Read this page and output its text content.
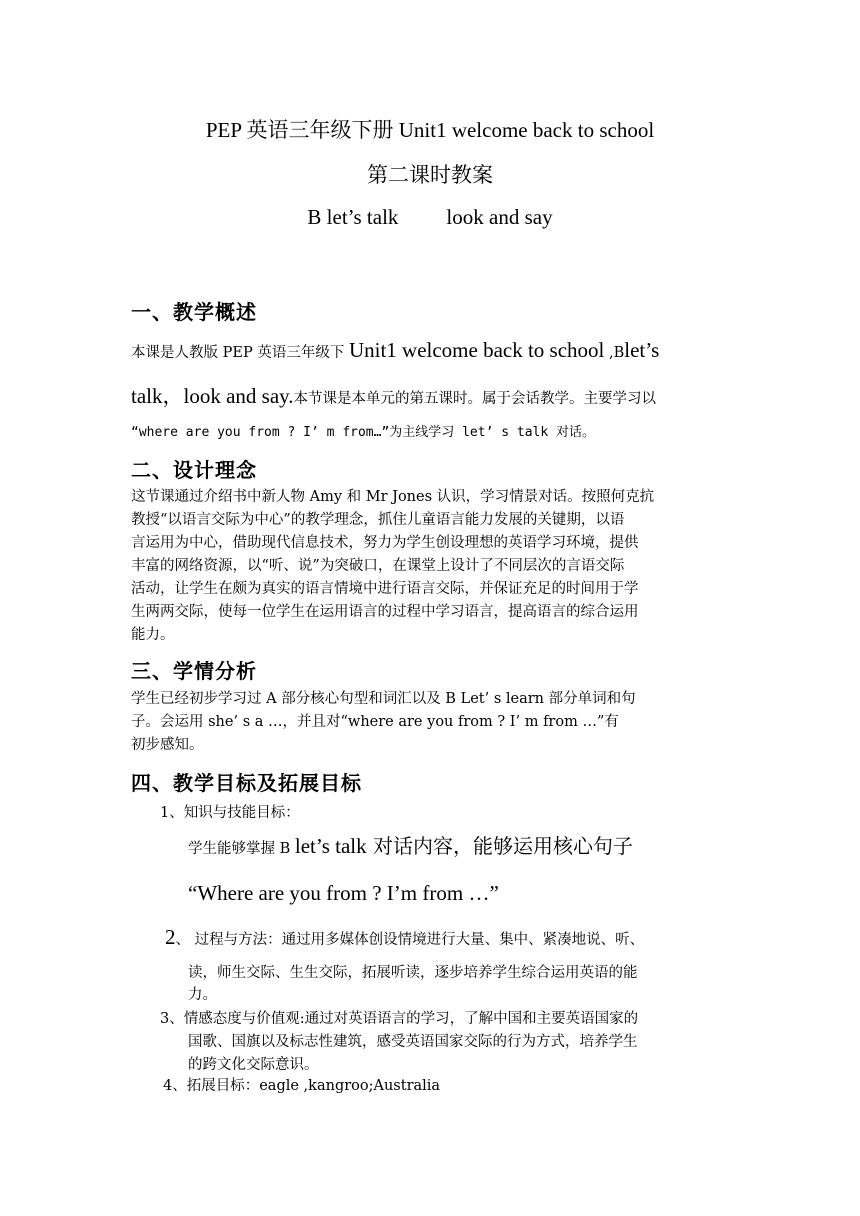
PEP 英语三年级下册 Unit1 welcome back to school
第二课时教案
B let’s talk look and say
一、教学概述
本课是人教版 PEP 英语三年级下 Unit1 welcome back to school ,Blet’s
talk，look and say.本节课是本单元的第五课时。属于会话教学。主要学习以
“where are you from ? I’ m from…”为主线学习 let’ s talk 对话。
二、设计理念
这节课通过介绍书中新人物 Amy 和 Mr Jones 认识，学习情景对话。按照何克抗
教授“以语言交际为中心”的教学理念，抓住儿童语言能力发展的关键期，以语
言运用为中心，借助现代信息技术，努力为学生创设理想的英语学习环境，提供
丰富的网络资源，以“听、说”为突破口，在课堂上设计了不同层次的言语交际
活动，让学生在颇为真实的语言情境中进行语言交际，并保证充足的时间用于学
生两两交际，使每一位学生在运用语言的过程中学习语言，提高语言的综合运用
能力。
三、学情分析
学生已经初步学习过 A 部分核心句型和词汇以及 B Let’ s learn 部分单词和句
子。会运用 she’ s a …，并且对“where are you from ? I’ m from …”有
初步感知。
四、教学目标及拓展目标
1、知识与技能目标：
学生能够掌握 B let’s talk 对话内容，能够运用核心句子
“Where are you from ? I’m from …”
2、 过程与方法：通过用多媒体创设情境进行大量、集中、紧凑地说、听、
读，师生交际、生生交际，拓展听读，逐步培养学生综合运用英语的能
力。
3、情感态度与价值观:通过对英语语言的学习，了解中国和主要英语国家的
国歌、国旗以及标志性建筑，感受英语国家交际的行为方式，培养学生
的跨文化交际意识。
4、拓展目标：eagle ,kangroo;Australia
